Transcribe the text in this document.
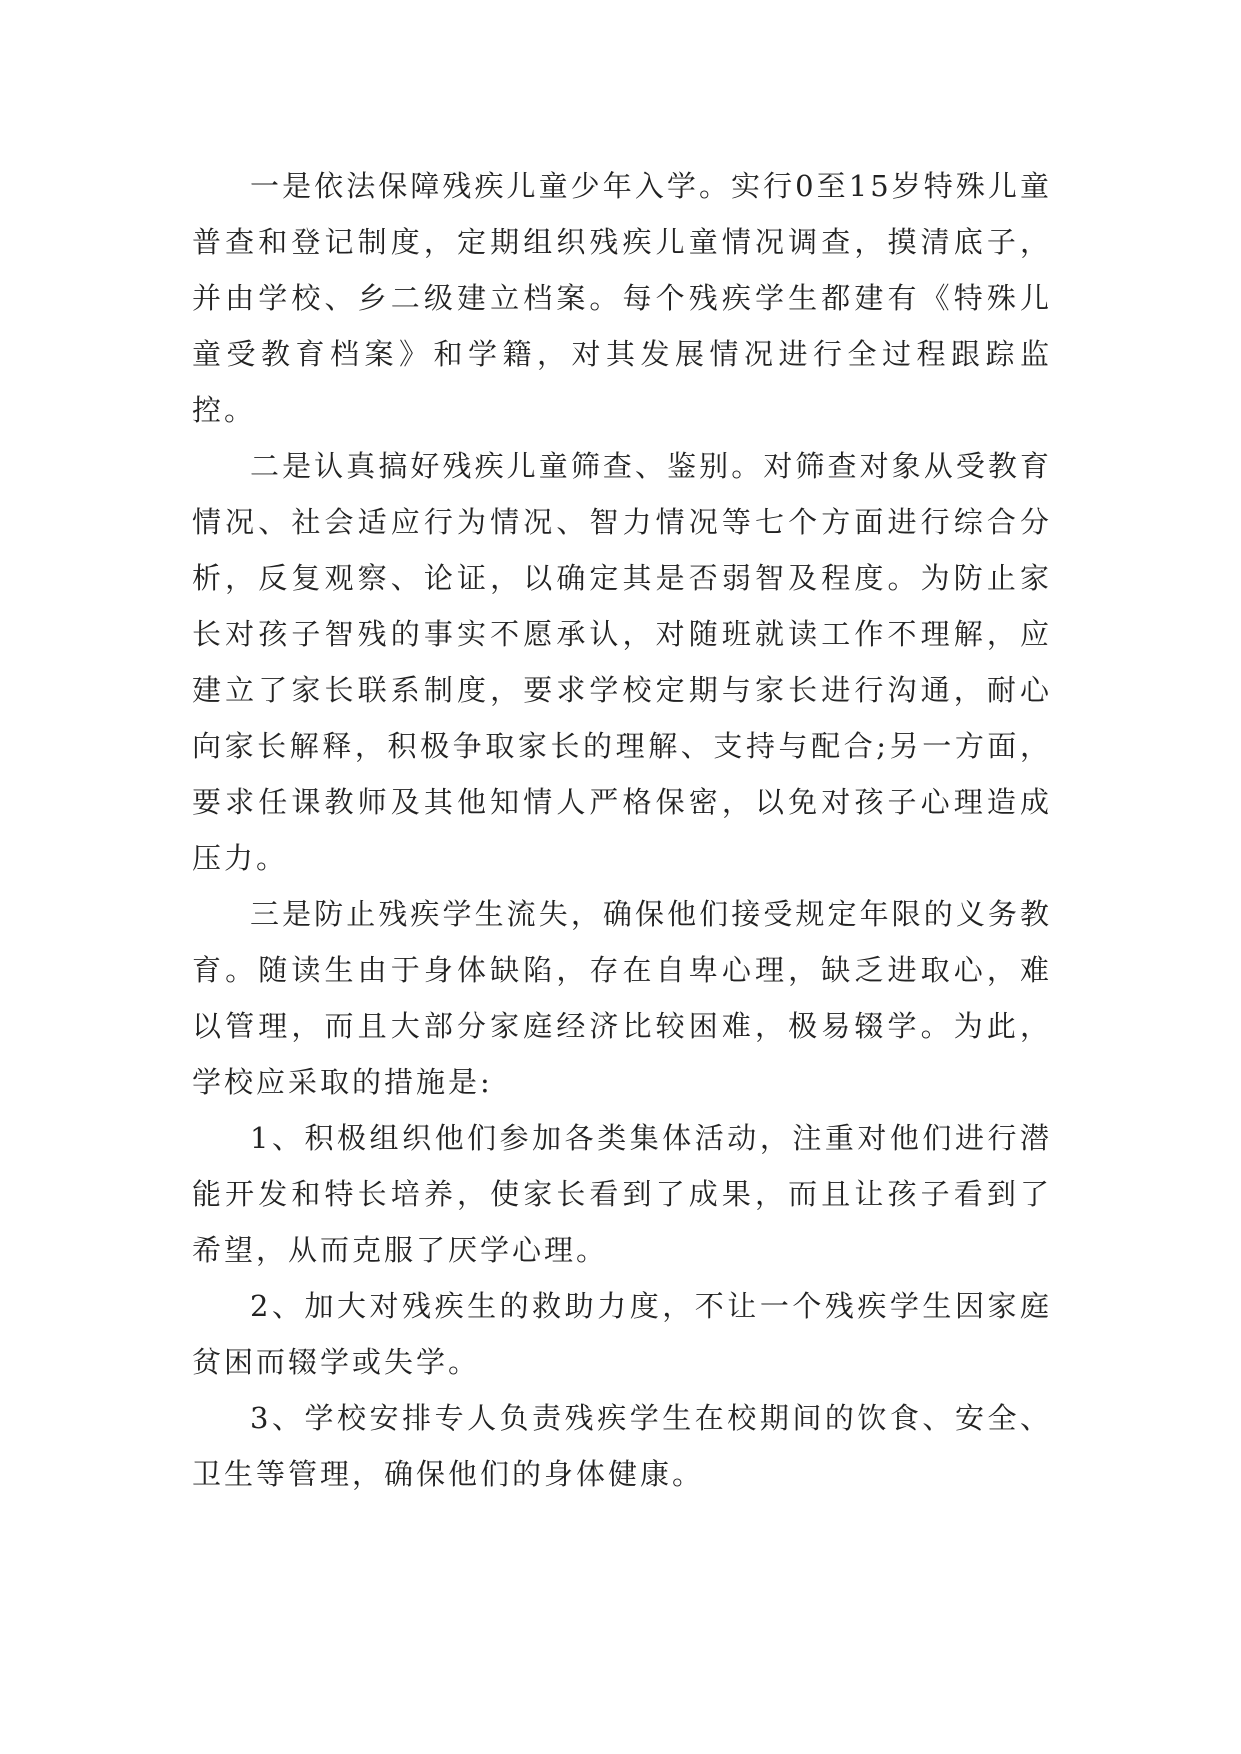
一是依法保障残疾儿童少年入学。实行0至15岁特殊儿童普查和登记制度，定期组织残疾儿童情况调查，摸清底子，并由学校、乡二级建立档案。每个残疾学生都建有《特殊儿童受教育档案》和学籍，对其发展情况进行全过程跟踪监控。

二是认真搞好残疾儿童筛查、鉴别。对筛查对象从受教育情况、社会适应行为情况、智力情况等七个方面进行综合分析，反复观察、论证，以确定其是否弱智及程度。为防止家长对孩子智残的事实不愿承认，对随班就读工作不理解，应建立了家长联系制度，要求学校定期与家长进行沟通，耐心向家长解释，积极争取家长的理解、支持与配合;另一方面，要求任课教师及其他知情人严格保密，以免对孩子心理造成压力。

三是防止残疾学生流失，确保他们接受规定年限的义务教育。随读生由于身体缺陷，存在自卑心理，缺乏进取心，难以管理，而且大部分家庭经济比较困难，极易辍学。为此，学校应采取的措施是:

1、积极组织他们参加各类集体活动，注重对他们进行潜能开发和特长培养，使家长看到了成果，而且让孩子看到了希望，从而克服了厌学心理。

2、加大对残疾生的救助力度，不让一个残疾学生因家庭贫困而辍学或失学。

3、学校安排专人负责残疾学生在校期间的饮食、安全、卫生等管理，确保他们的身体健康。
